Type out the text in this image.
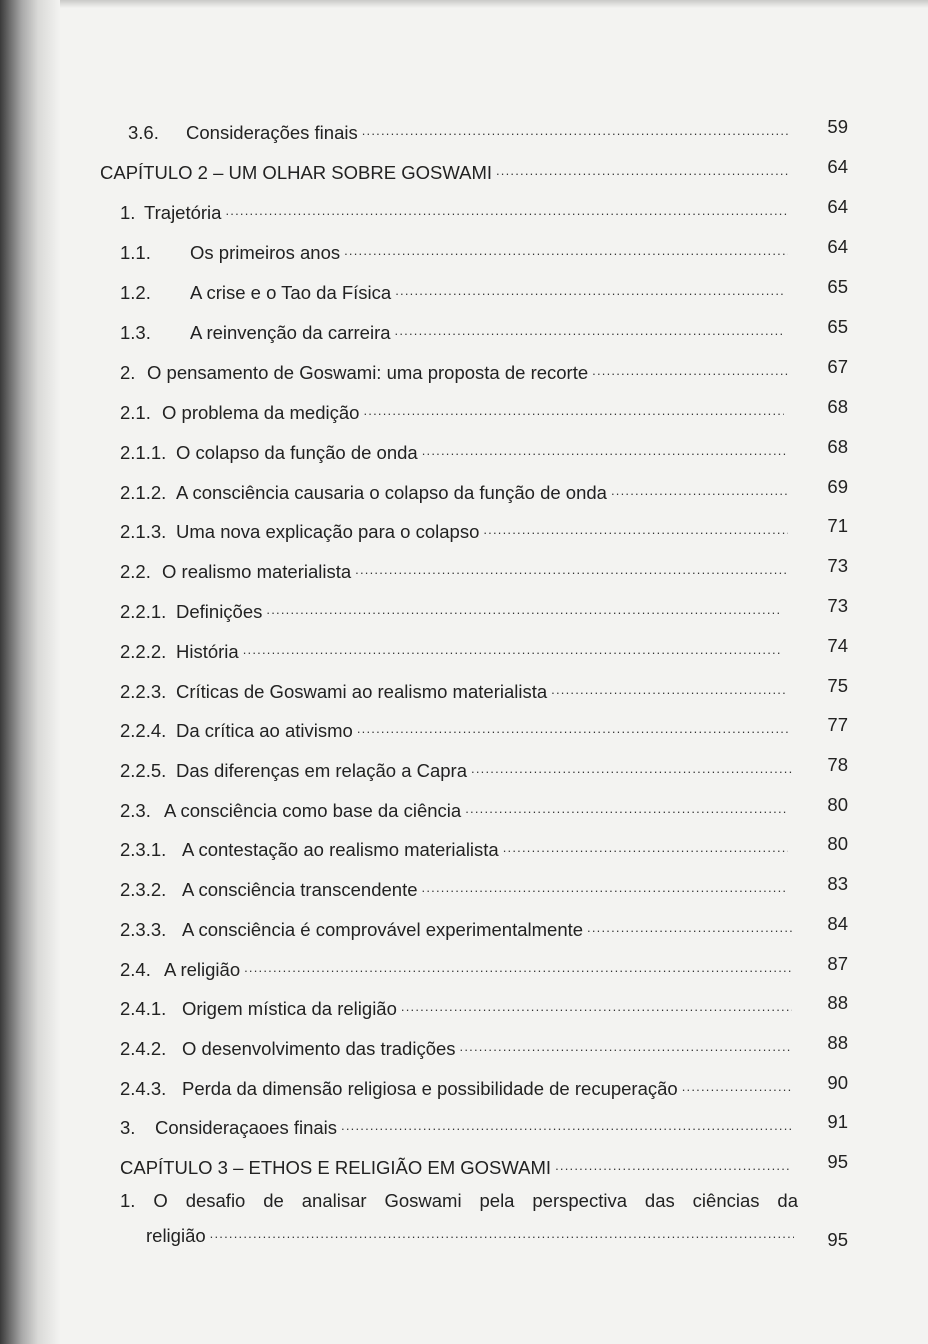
3.6.	Considerações finais .....	59
CAPÍTULO 2 – UM OLHAR SOBRE GOSWAMI .....	64
1. Trajetória .....	64
1.1.	Os primeiros anos .....	64
1.2.	A crise e o Tao da Física .....	65
1.3.	A reinvenção da carreira .....	65
2. O pensamento de Goswami: uma proposta de recorte .....	67
2.1. O problema da medição .....	68
2.1.1. O colapso da função de onda .....	68
2.1.2. A consciência causaria o colapso da função de onda .....	69
2.1.3. Uma nova explicação para o colapso .....	71
2.2. O realismo materialista .....	73
2.2.1. Definições .....	73
2.2.2. História .....	74
2.2.3. Críticas de Goswami ao realismo materialista .....	75
2.2.4. Da crítica ao ativismo .....	77
2.2.5. Das diferenças em relação a Capra .....	78
2.3. A consciência como base da ciência .....	80
2.3.1. A contestação ao realismo materialista .....	80
2.3.2. A consciência transcendente .....	83
2.3.3. A consciência é comprovável experimentalmente .....	84
2.4. A religião .....	87
2.4.1. Origem mística da religião .....	88
2.4.2. O desenvolvimento das tradições .....	88
2.4.3. Perda da dimensão religiosa e possibilidade de recuperação .....	90
3.	Consideraçaoes finais .....	91
CAPÍTULO 3 – ETHOS E RELIGIÃO EM GOSWAMI .....	95
1. O desafio de analisar Goswami pela perspectiva das ciências da
religião .....	95
